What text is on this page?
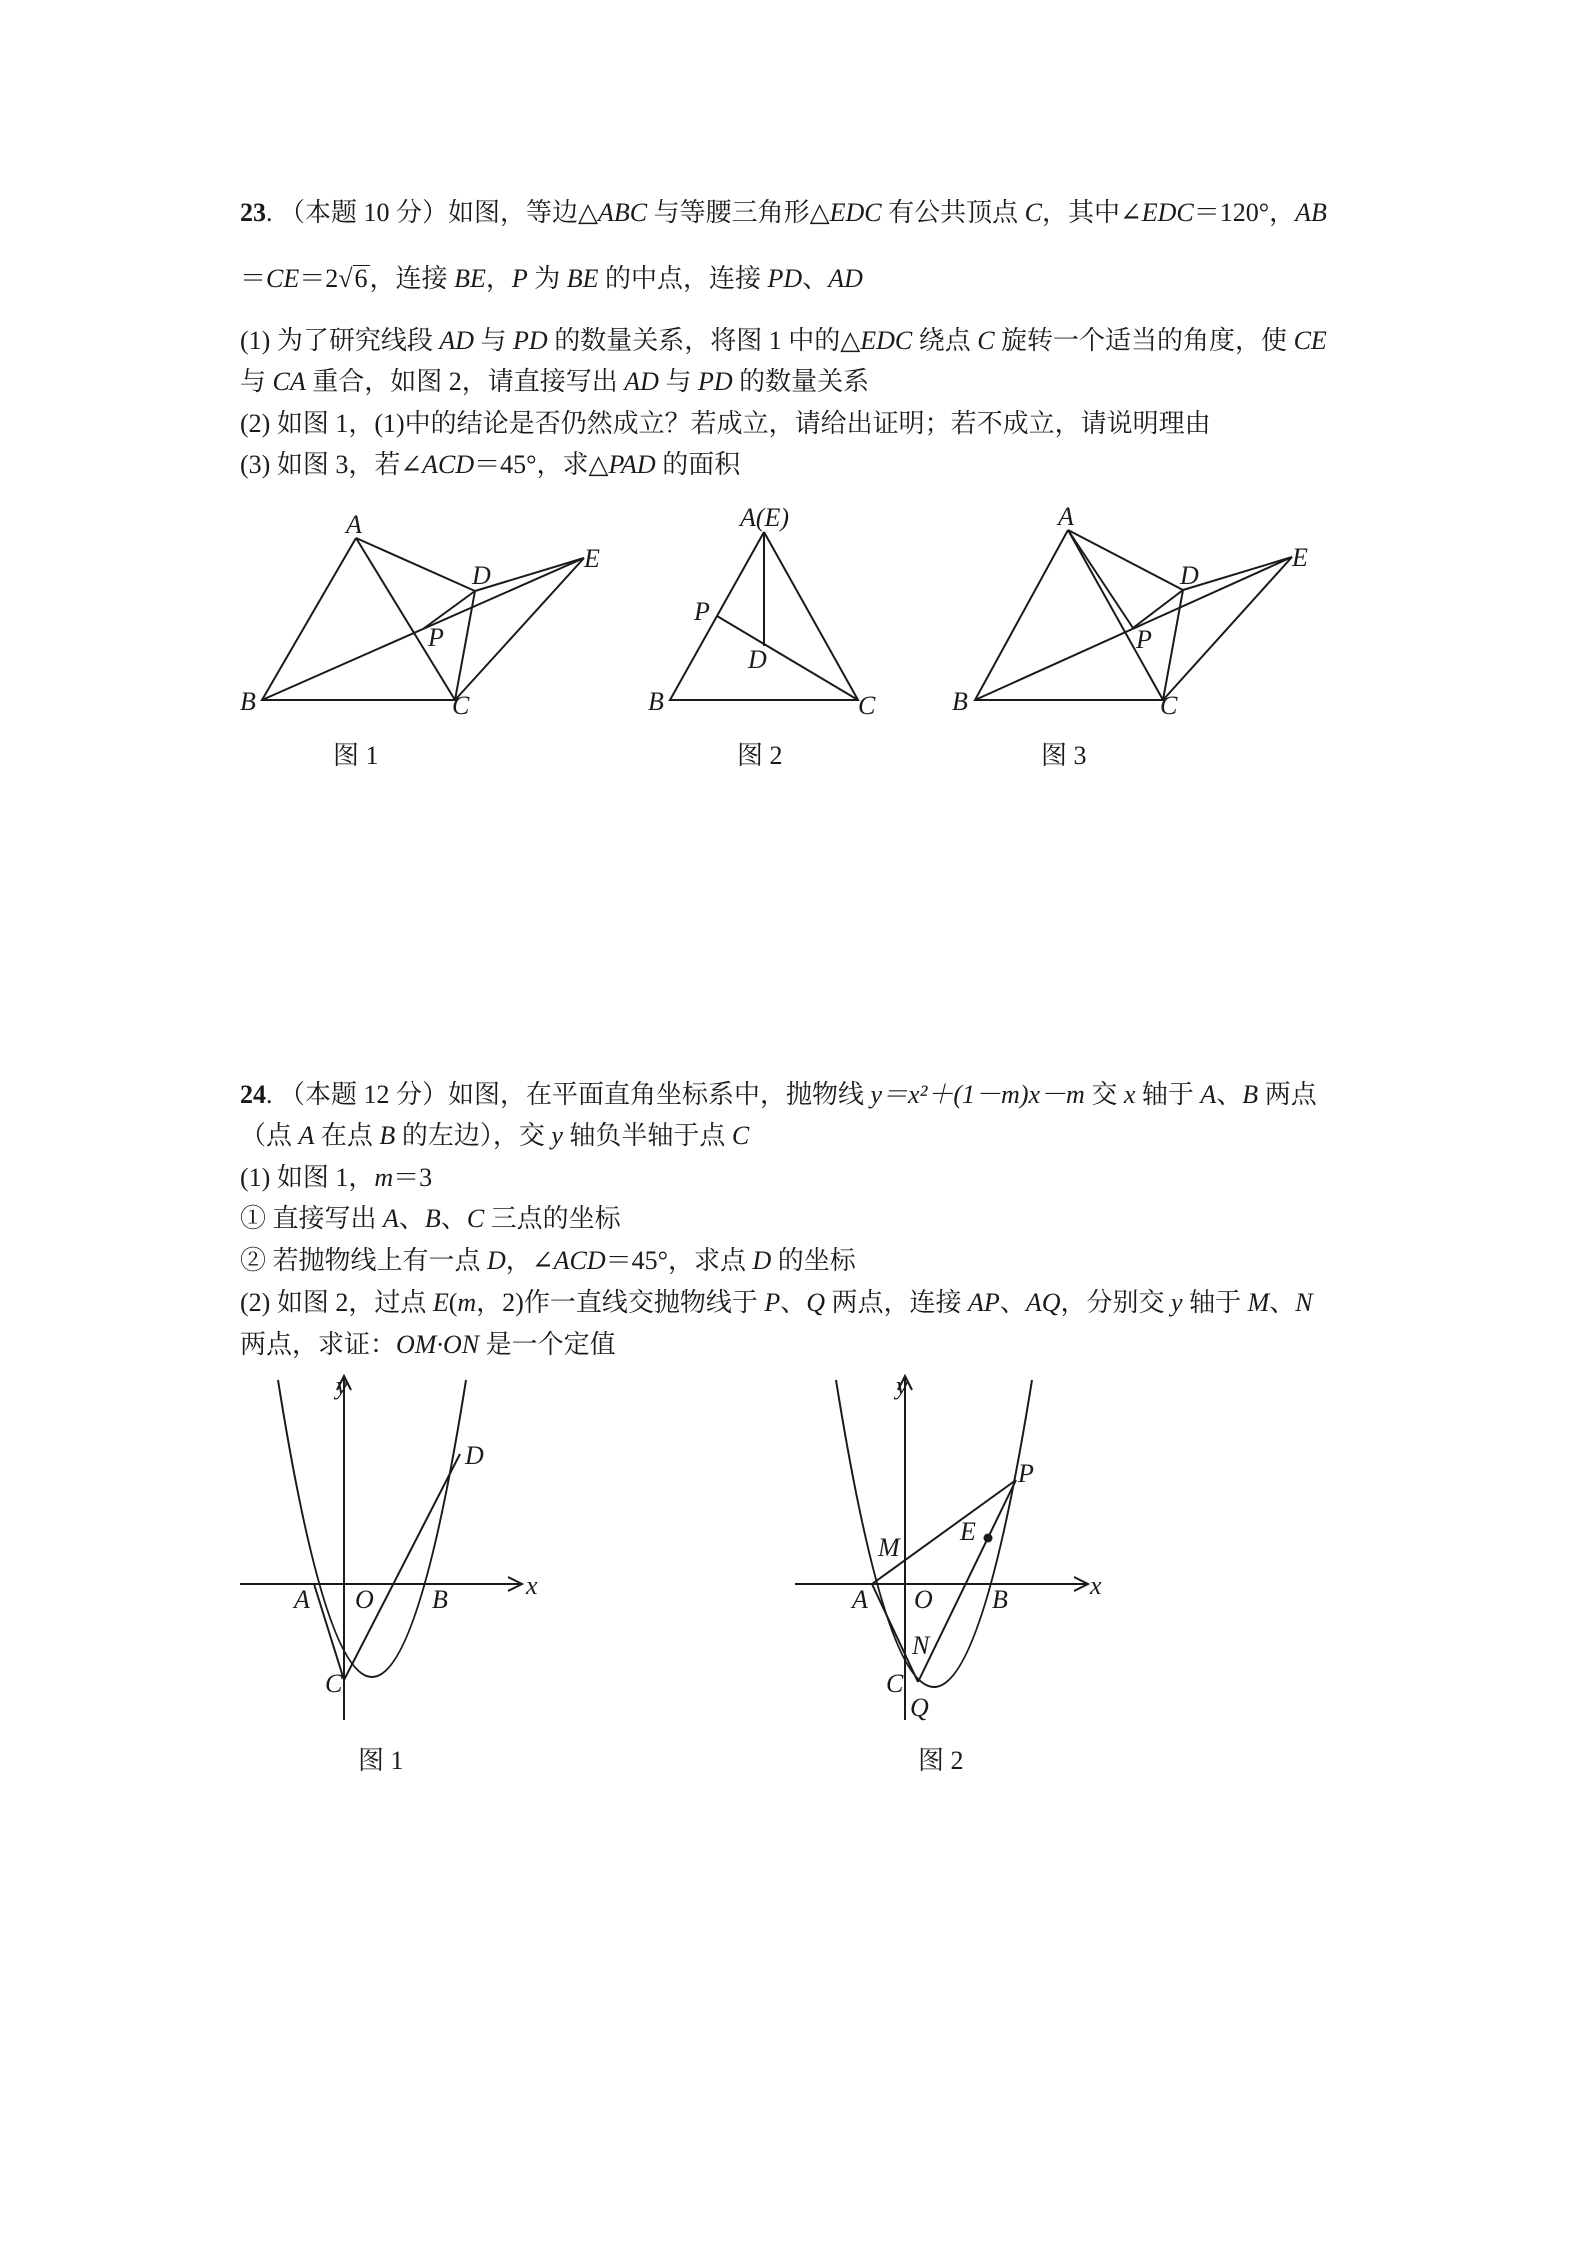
23. （本题 10 分）如图，等边△ABC 与等腰三角形△EDC 有公共顶点 C，其中∠EDC＝120°，AB
＝CE＝2√6，连接 BE，P 为 BE 的中点，连接 PD、AD
(1) 为了研究线段 AD 与 PD 的数量关系，将图 1 中的△EDC 绕点 C 旋转一个适当的角度，使 CE
与 CA 重合，如图 2，请直接写出 AD 与 PD 的数量关系
(2) 如图 1，(1)中的结论是否仍然成立？若成立，请给出证明；若不成立，请说明理由
(3) 如图 3，若∠ACD＝45°，求△PAD 的面积
A
B	C
D
E
P
图 1
A(E)
B	C
D
P
图 2
A
B	C
D
E
P
图 3
24. （本题 12 分）如图，在平面直角坐标系中，抛物线 y＝x²＋(1－m)x－m 交 x 轴于 A、B 两点
（点 A 在点 B 的左边），交 y 轴负半轴于点 C
(1) 如图 1，m＝3
① 直接写出 A、B、C 三点的坐标
② 若抛物线上有一点 D，∠ACD＝45°，求点 D 的坐标
(2) 如图 2，过点 E(m，2)作一直线交抛物线于 P、Q 两点，连接 AP、AQ，分别交 y 轴于 M、N
两点，求证：OM·ON 是一个定值
y
x
A O B
C
D
图 1
y
x
A O B
C
P
E
M
N
Q
图 2
